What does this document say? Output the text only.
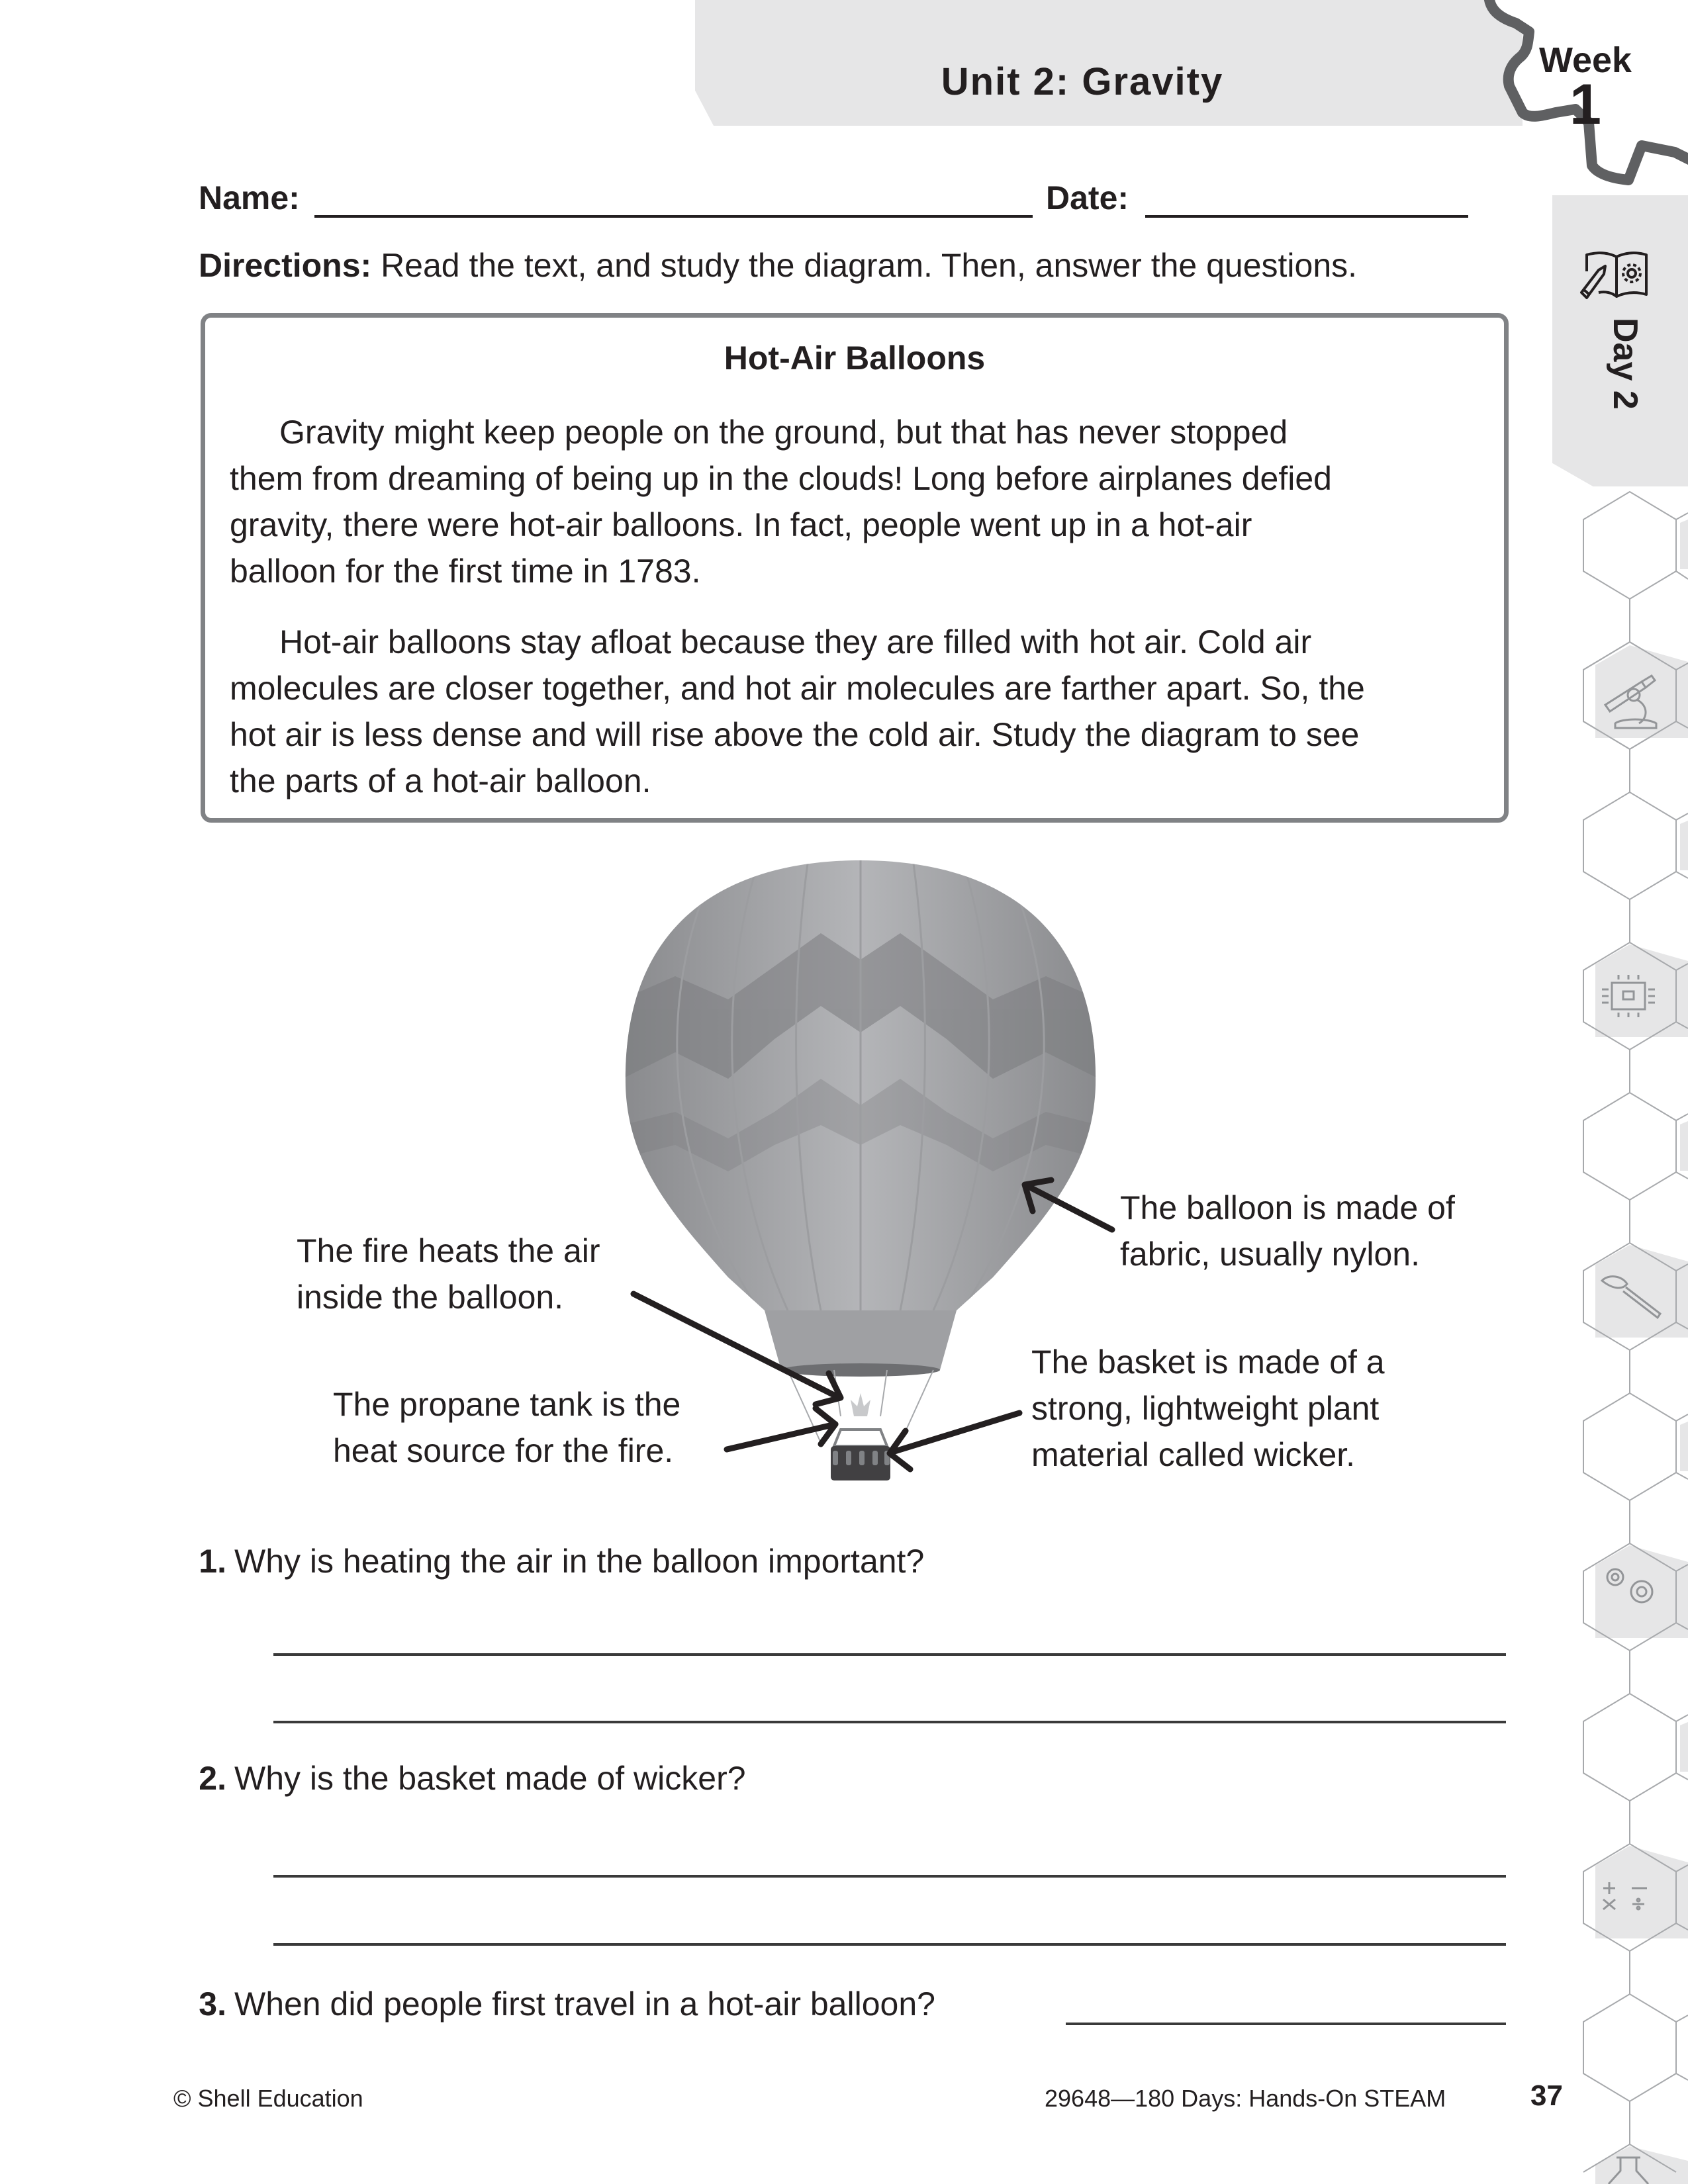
Unit 2: Gravity	Week
1
Day 2
Name:	Date:
Directions: Read the text, and study the diagram. Then, answer the questions.
Hot-Air Balloons
Gravity might keep people on the ground, but that has never stopped
them from dreaming of being up in the clouds! Long before airplanes defied
gravity, there were hot-air balloons. In fact, people went up in a hot-air
balloon for the first time in 1783.
Hot-air balloons stay afloat because they are filled with hot air. Cold air
molecules are closer together, and hot air molecules are farther apart. So, the
hot air is less dense and will rise above the cold air. Study the diagram to see
the parts of a hot-air balloon.
The fire heats the air
inside the balloon.
The propane tank is the
heat source for the fire.
The balloon is made of
fabric, usually nylon.
The basket is made of a
strong, lightweight plant
material called wicker.
1. Why is heating the air in the balloon important?
2. Why is the basket made of wicker?
3. When did people first travel in a hot-air balloon?
© Shell Education	29648—180 Days: Hands-On STEAM	37
